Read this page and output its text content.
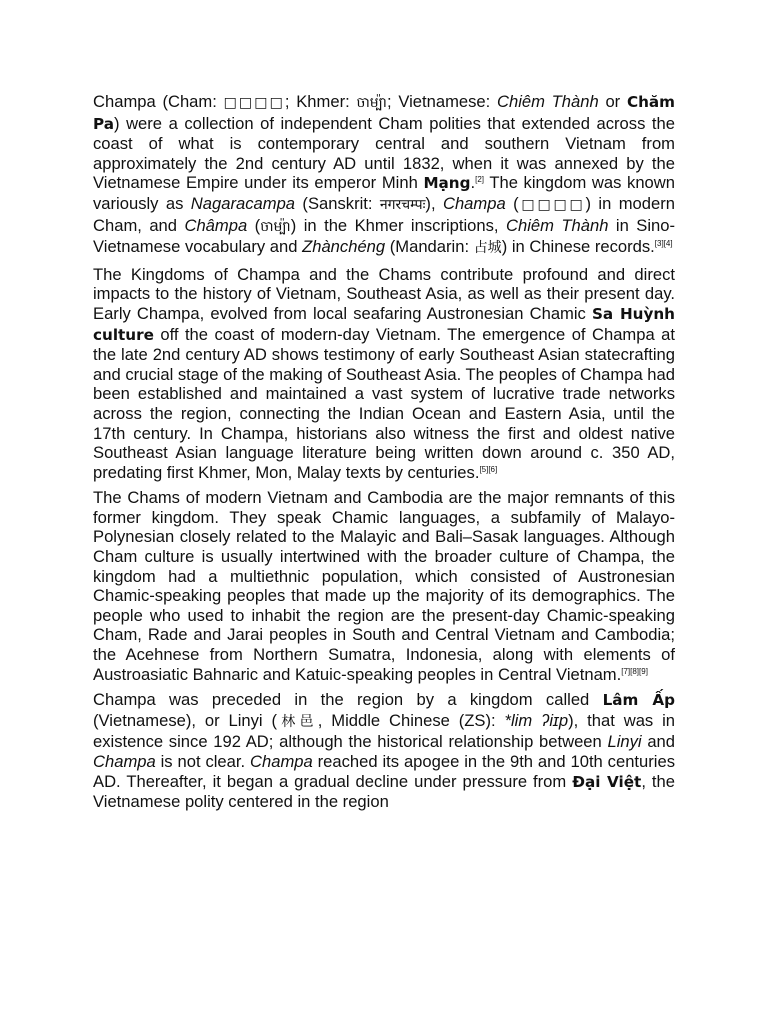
Champa (Cham: □□□□; Khmer: ចាម្ប៉ា; Vietnamese: Chiêm Thành or Chăm Pa) were a collection of independent Cham polities that extended across the coast of what is contemporary central and southern Vietnam from approximately the 2nd century AD until 1832, when it was annexed by the Vietnamese Empire under its emperor Minh Mạng.[2] The kingdom was known variously as Nagaracampa (Sanskrit: नगरचम्पः), Champa (□□□□) in modern Cham, and Châmpa (ចាម្ប៉ា) in the Khmer inscriptions, Chiêm Thành in Sino-Vietnamese vocabulary and Zhànchéng (Mandarin: 占城) in Chinese records.[3][4]

The Kingdoms of Champa and the Chams contribute profound and direct impacts to the history of Vietnam, Southeast Asia, as well as their present day. Early Champa, evolved from local seafaring Austronesian Chamic Sa Huỳnh culture off the coast of modern-day Vietnam. The emergence of Champa at the late 2nd century AD shows testimony of early Southeast Asian statecrafting and crucial stage of the making of Southeast Asia. The peoples of Champa had been established and maintained a vast system of lucrative trade networks across the region, connecting the Indian Ocean and Eastern Asia, until the 17th century. In Champa, historians also witness the first and oldest native Southeast Asian language literature being written down around c. 350 AD, predating first Khmer, Mon, Malay texts by centuries.[5][6]

The Chams of modern Vietnam and Cambodia are the major remnants of this former kingdom. They speak Chamic languages, a subfamily of Malayo-Polynesian closely related to the Malayic and Bali–Sasak languages. Although Cham culture is usually intertwined with the broader culture of Champa, the kingdom had a multiethnic population, which consisted of Austronesian Chamic-speaking peoples that made up the majority of its demographics. The people who used to inhabit the region are the present-day Chamic-speaking Cham, Rade and Jarai peoples in South and Central Vietnam and Cambodia; the Acehnese from Northern Sumatra, Indonesia, along with elements of Austroasiatic Bahnaric and Katuic-speaking peoples in Central Vietnam.[7][8][9]

Champa was preceded in the region by a kingdom called Lâm Ấp (Vietnamese), or Linyi (林邑, Middle Chinese (ZS): *lim ʔiɪp), that was in existence since 192 AD; although the historical relationship between Linyi and Champa is not clear. Champa reached its apogee in the 9th and 10th centuries AD. Thereafter, it began a gradual decline under pressure from Đại Việt, the Vietnamese polity centered in the region
